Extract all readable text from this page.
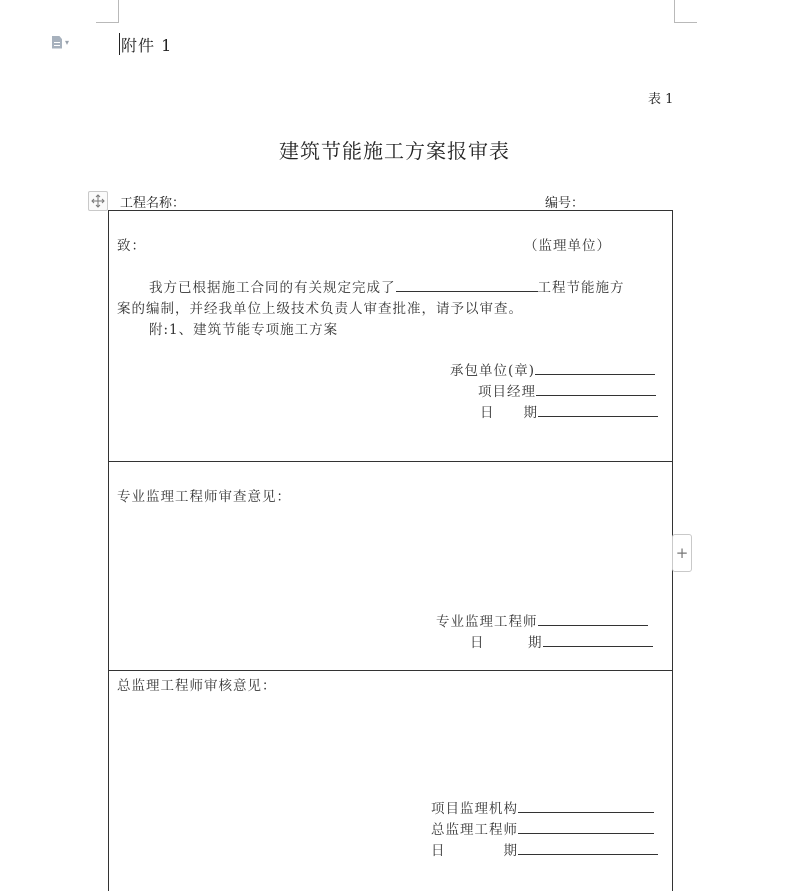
▾	附件 1
表 1
建筑节能施工方案报审表
工程名称：	编号：
致：	（监理单位）
我方已根据施工合同的有关规定完成了	工程节能施方
案的编制，并经我单位上级技术负责人审查批准，请予以审查。
附:1、建筑节能专项施工方案
承包单位(章)
项目经理
日　　期
专业监理工程师审查意见：
专业监理工程师
日　　　期
总监理工程师审核意见：
项目监理机构
总监理工程师
日　　　　期
+
